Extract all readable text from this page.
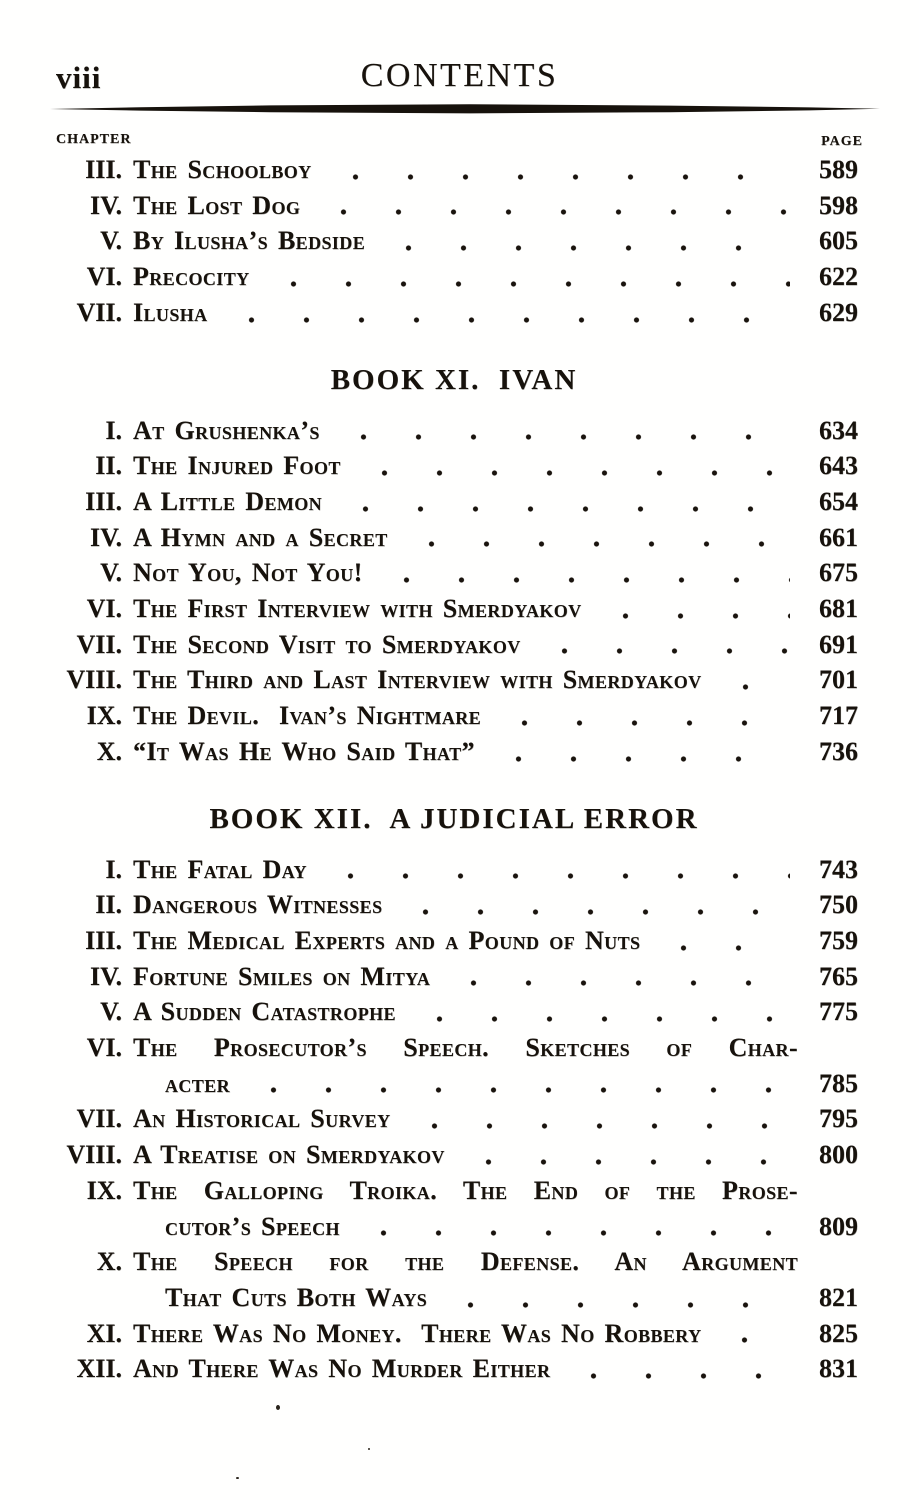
viii	CONTENTS
CHAPTER	PAGE
III. The Schoolboy	589
IV. The Lost Dog	598
V. By Ilusha’s Bedside	605
VI. Precocity	622
VII. Ilusha	629
BOOK XI.  IVAN
I. At Grushenka’s	634
II. The Injured Foot	643
III. A Little Demon	654
IV. A Hymn and a Secret	661
V. Not You, Not You!	675
VI. The First Interview with Smerdyakov	681
VII. The Second Visit to Smerdyakov	691
VIII. The Third and Last Interview with Smerdyakov	701
IX. The Devil.  Ivan’s Nightmare	717
X. “It Was He Who Said That”	736
BOOK XII.  A JUDICIAL ERROR
I. The Fatal Day	743
II. Dangerous Witnesses	750
III. The Medical Experts and a Pound of Nuts	759
IV. Fortune Smiles on Mitya	765
V. A Sudden Catastrophe	775
VI. The Prosecutor’s Speech. Sketches of Char-
acter	785
VII. An Historical Survey	795
VIII. A Treatise on Smerdyakov	800
IX. The Galloping Troika. The End of the Prose-
cutor’s Speech	809
X. The Speech for the Defense. An Argument
That Cuts Both Ways	821
XI. There Was No Money.  There Was No Robbery	825
XII. And There Was No Murder Either	831
